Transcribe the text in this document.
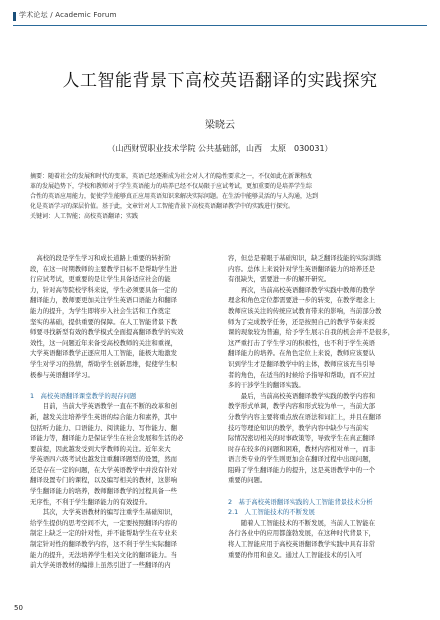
学术论坛 / Academic Forum
人工智能背景下高校英语翻译的实践探究
梁晓云
（山西财贸职业技术学院 公共基础部，山西　太原　030031）
摘要：随着社会的发展和时代的变革，英语已经逐渐成为社会对人才的隐性要求之一，不仅如此在新课程改
革的发展趋势下，学校和教师对于学生英语能力的培养已经不仅局限于应试考试，更加重要的是培养学生综
合性的英语应用能力，促使学生能够真正应用英语知识来解决实际问题。在生活中能够灵活的与人沟通，达到
化是英语学习的深层价值。基于此，文章针对人工智能背景下高校英语翻译教学中的实践进行探究。
关键词：人工智能；高校英语翻译；实践
　高校的段是学生学习和成长道路上重要的转折阶
段，在这一时期教师的主要教学目标不是帮助学生进
行应试考试，更重要的是让学生具备适应社会的能
力，针对高等院校学科来说，学生必须要具备一定的
翻译能力，教师要更加关注学生英语口语能力和翻译
能力的提升，为学生即将步入社会生活和工作奠定
坚实的基础，提供重要的保障。在人工智能背景下教
师要寻找新型有效的教学模式全面提高翻译教学的实效
效性，这一问题近年来备受高校教师的关注和重视，
大学英语翻译教学正逐应用人工智能，能极大地激发
学生对学习的热情，帮助学生创新思维，促使学生积
极参与英语翻译学习。
1　高校英语翻译课堂教学的现存问题
　　目前，当前大学英语教学一直在不断的改革和创
新，越发关注培养学生英语的综合能力和素养，其中
包括听力能力、口语能力、阅读能力、写作能力、翻
译能力等，翻译能力是保证学生在社会发展和生活的必
要前提，因此越发受到大学教师的关注。近年来大
学英语四六级考试也越发注重翻译题型的设置，然而
还是存在一定的问题，在大学英语教学中并没有针对
翻译设置专门的课程，以及编写相关的教材，这影响
学生翻译能力的培养，教师翻译教学的过程具备一些
无序性，不利于学生翻译能力的有效提升。
　　其次，大学英语教材的编写注重学生基础知识，
给学生提供的思考空间不大，一定要按照翻译内容的
制定上缺乏一定的针对性，并不能帮助学生在专业来
制定针对性的翻译教学内容，这不利于学生实际翻译
能力的提升，无法培养学生相关文化的翻译能力。当
前大学英语教材的编排上虽然引进了一些翻译的内
容，但总是着眼于基础知识，缺乏翻译技能的实际训练
内容。总体上来说针对学生英语翻译能力的培养还是
有很缺失，需要进一步的解开研究。
　　再次，当前高校英语翻译教学实践中教师的教学
理念和角色定位都需要进一步的转变，在教学理念上
教师应该关注的传统应试教育带来的影响，当前部分教
师为了完成教学任务，还是按照自己的教学节奏来授
课的现象较为普遍，给予学生展示自我的机会并不是很多，
这严重打击了学生学习的积极性，也不利于学生英语
翻译能力的培养。在角色定位上来说，教师应该要认
识到学生才是翻译教学中的主体，教师应该充当引导
者的角色，在适当的时候给予指导和帮助，而不应过
多的干涉学生的翻译实践。
　　最后，当前高校英语翻译教学实践的教学内容和
教学形式单调，教学内容和形式较为单一，当前大部
分教学内容主要将重点放在语法和词汇上，并且在翻译
技巧等理论知识的教学，教学内容中缺少与当前实
际情况密切相关的时事政策等，导致学生在真正翻译
时存在较多的问题和困难，教材内容相对单一，而非
语言类专业的学生则更加会在翻译过程中出现问题，
阻碍了学生翻译能力的提升，这是英语教学中的一个
重要的问题。
2　基于高校英语翻译实践的人工智能背景技术分析
2.1　人工智能技术的不断发展
　　随着人工智能技术的不断发展，当前人工智能在
各行各业中的应用都蓬勃发展，在这种时代背景下，
将人工智能应用于高校英语翻译教学实践中具有非常
重要的作用和意义。通过人工智能技术的引入可
50
